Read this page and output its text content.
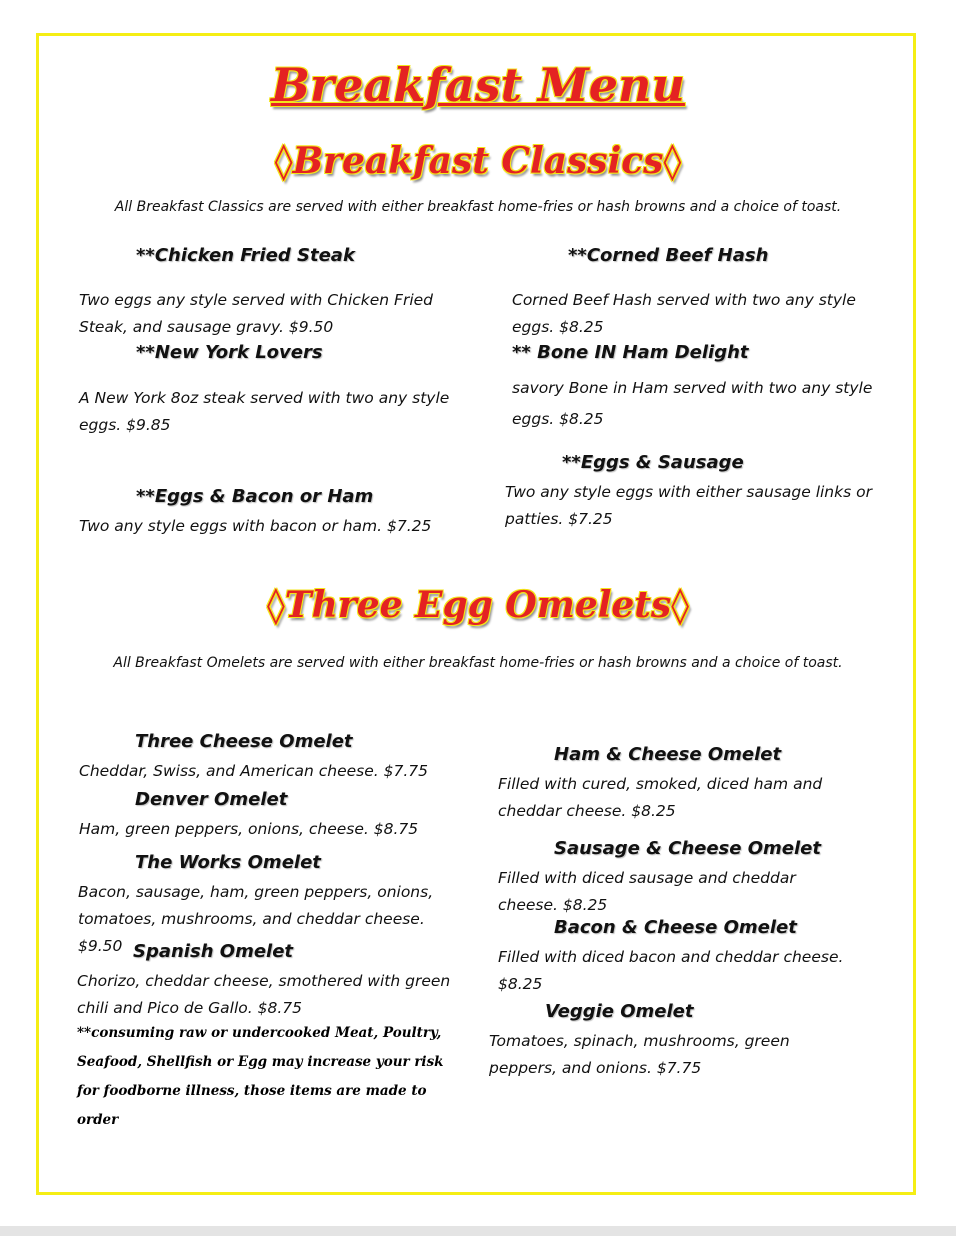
Breakfast Menu
◊Breakfast Classics◊
All Breakfast Classics are served with either breakfast home-fries or hash browns and a choice of toast.
**Chicken Fried Steak
Two eggs any style served with Chicken Fried Steak, and sausage gravy. $9.50
**New York Lovers
A New York 8oz steak served with two any style eggs. $9.85
**Eggs & Bacon or Ham
Two any style eggs with bacon or ham. $7.25
**Corned Beef Hash
Corned Beef Hash served with two any style eggs. $8.25
** Bone IN Ham Delight
savory Bone in Ham served with two any style eggs. $8.25
**Eggs & Sausage
Two any style eggs with either sausage links or patties. $7.25
◊Three Egg Omelets◊
All Breakfast Omelets are served with either breakfast home-fries or hash browns and a choice of toast.
Three Cheese Omelet
Cheddar, Swiss, and American cheese. $7.75
Denver Omelet
Ham, green peppers, onions, cheese. $8.75
The Works Omelet
Bacon, sausage, ham, green peppers, onions, tomatoes, mushrooms, and cheddar cheese. $9.50 Spanish Omelet
Chorizo, cheddar cheese, smothered with green chili and Pico de Gallo. $8.75
**consuming raw or undercooked Meat, Poultry, Seafood, Shellfish or Egg may increase your risk for foodborne illness, those items are made to order
Ham & Cheese Omelet
Filled with cured, smoked, diced ham and cheddar cheese. $8.25
Sausage & Cheese Omelet
Filled with diced sausage and cheddar cheese. $8.25
Bacon & Cheese Omelet
Filled with diced bacon and cheddar cheese. $8.25
Veggie Omelet
Tomatoes, spinach, mushrooms, green peppers, and onions. $7.75
